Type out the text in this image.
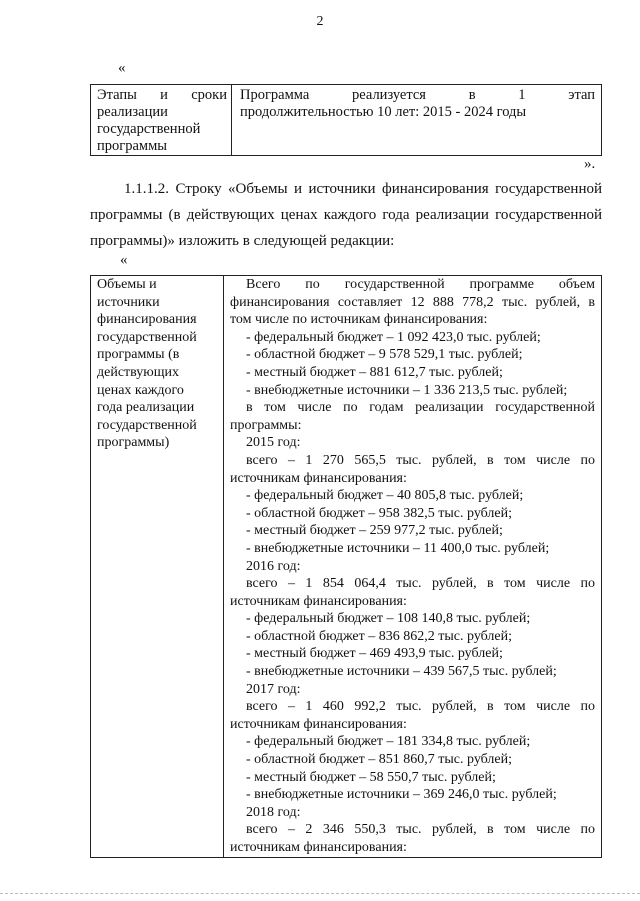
2
«
Этапы и сроки
реализации
государственной
программы

Программа реализуется в 1 этап
продолжительностью 10 лет: 2015 - 2024 годы
».
1.1.1.2. Строку «Объемы и источники финансирования государственной
программы (в действующих ценах каждого года реализации государственной
программы)» изложить в следующей редакции:
«
Объемы и
источники
финансирования
государственной
программы (в
действующих
ценах каждого
года реализации
государственной
программы)

Всего по государственной программе объем
финансирования составляет 12 888 778,2 тыс. рублей, в
том числе по источникам финансирования:
- федеральный бюджет – 1 092 423,0 тыс. рублей;
- областной бюджет – 9 578 529,1 тыс. рублей;
- местный бюджет – 881 612,7 тыс. рублей;
- внебюджетные источники – 1 336 213,5 тыс. рублей;
в том числе по годам реализации государственной
программы:
2015 год:
всего – 1 270 565,5 тыс. рублей, в том числе по
источникам финансирования:
- федеральный бюджет – 40 805,8 тыс. рублей;
- областной бюджет – 958 382,5 тыс. рублей;
- местный бюджет – 259 977,2 тыс. рублей;
- внебюджетные источники – 11 400,0 тыс. рублей;
2016 год:
всего – 1 854 064,4 тыс. рублей, в том числе по
источникам финансирования:
- федеральный бюджет – 108 140,8 тыс. рублей;
- областной бюджет – 836 862,2 тыс. рублей;
- местный бюджет – 469 493,9 тыс. рублей;
- внебюджетные источники – 439 567,5 тыс. рублей;
2017 год:
всего – 1 460 992,2 тыс. рублей, в том числе по
источникам финансирования:
- федеральный бюджет – 181 334,8 тыс. рублей;
- областной бюджет – 851 860,7 тыс. рублей;
- местный бюджет – 58 550,7 тыс. рублей;
- внебюджетные источники – 369 246,0 тыс. рублей;
2018 год:
всего – 2 346 550,3 тыс. рублей, в том числе по
источникам финансирования:
